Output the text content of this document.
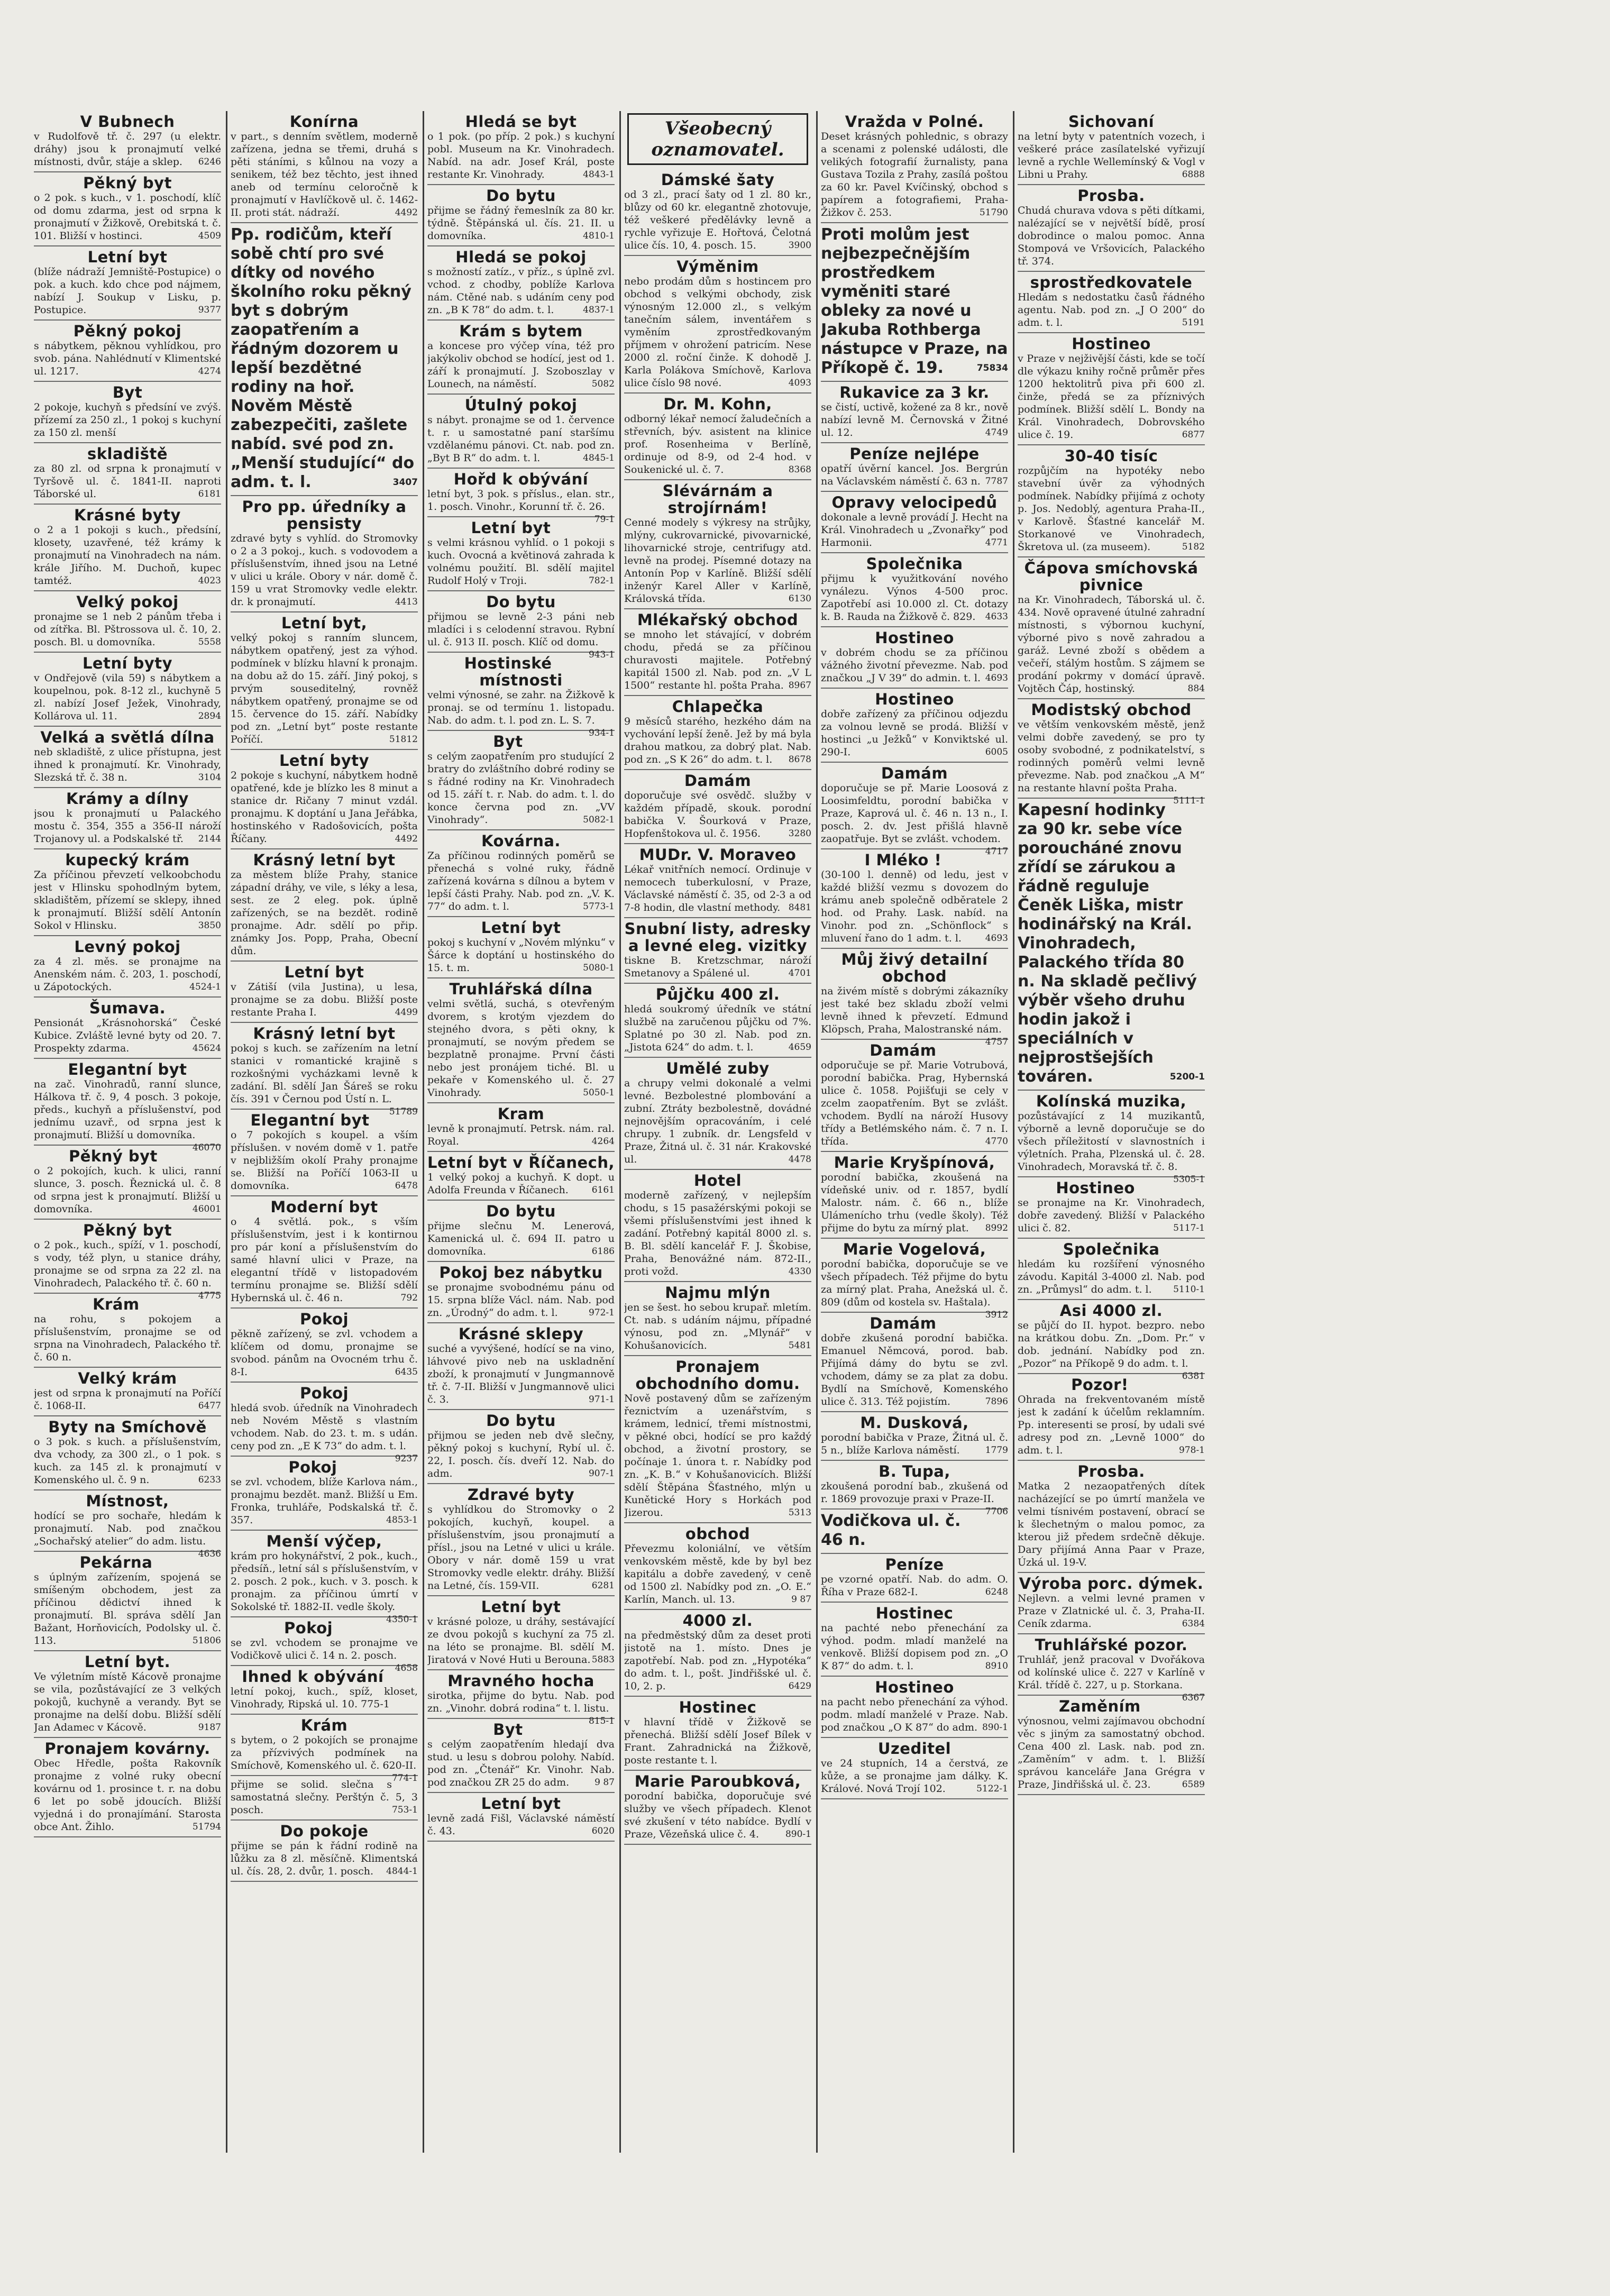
V Bubnech

v Rudolfově tř. č. 297 (u elektr. dráhy) jsou k pronajmutí velké místnosti, dvůr, stáje a sklep. 6246

Pěkný byt

o 2 pok. s kuch., v 1. poschodí, klíč od domu zdarma, jest od srpna k pronajmutí v Žižkově, Orebitská t. č. 101. Bližší v hostinci.	4509

Letní byt

(blíže nádraží Jemniště-Postupice) o pok. a kuch. kdo chce pod nájmem, nabízí J. Soukup v Lisku, p. Postupice.	9377

Pěkný pokoj

s nábytkem, pěknou vyhlídkou, pro svob. pána. Nahlédnutí v Klimentské ul. 1217.	4274

Byt

2 pokoje, kuchyň s předsíní ve zvýš. přízemí za 250 zl., 1 pokoj s kuchyní za 150 zl. menší

skladiště

za 80 zl. od srpna k pronajmutí v Tyršově ul. č. 1841-II. naproti Táborské ul.	6181

Krásné byty

o 2 a 1 pokoji s kuch., předsíní, klosety, uzavřené, též krámy k pronajmutí na Vinohradech na nám. krále Jiřího. M. Duchoň, kupec tamtéž.	4023

Velký pokoj

pronajme se 1 neb 2 pánům třeba i od zítřka. Bl. Pštrossova ul. č. 10, 2. posch. Bl. u domovníka.	5558

Letní byty

v Ondřejově (vila 59) s nábytkem a koupelnou, pok. 8-12 zl., kuchyně 5 zl. nabízí Josef Ježek, Vinohrady, Kollárova ul. 11.	2894

Velká a světlá dílna

neb skladiště, z ulice přístupna, jest ihned k pronajmutí. Kr. Vinohrady, Slezská tř. č. 38 n.	3104

Krámy a dílny

jsou k pronajmutí u Palackého mostu č. 354, 355 a 356-II nároží Trojanovy ul. a Podskalské tř. 2144

kupecký krám

Za příčinou převzetí velkoobchodu jest v Hlinsku spohodlným bytem, skladištěm, přízemí se sklepy, ihned k pronajmutí. Bližší sdělí Antonín Sokol v Hlinsku.	3850

Levný pokoj

za 4 zl. měs. se pronajme na Anenském nám. č. 203, 1. poschodí, u Zápotockých.	4524-1

Šumava.

Pensionát „Krásnohorská“ České Kubice. Zvláště levné byty od 20. 7. Prospekty zdarma.	45624

Elegantní byt

na zač. Vinohradů, ranní slunce, Hálkova tř. č. 9, 4 posch. 3 pokoje, předs., kuchyň a příslušenství, pod jednímu uzavř., od srpna jest k pronajmutí. Bližší u domovníka.
46070

Pěkný byt

o 2 pokojích, kuch. k ulici, ranní slunce, 3. posch. Řeznická ul. č. 8 od srpna jest k pronajmutí. Bližší u domovníka.	46001

Pěkný byt

o 2 pok., kuch., spíží, v 1. poschodí, s vody, též plyn, u stanice dráhy, pronajme se od srpna za 22 zl. na Vinohradech, Palackého tř. č. 60 n.
4775

Krám

na rohu, s pokojem a příslušenstvím, pronajme se od srpna na Vinohradech, Palackého tř. č. 60 n.

Velký krám

jest od srpna k pronajmutí na Poříčí č. 1068-II.	6477

Byty na Smíchově

o 3 pok. s kuch. a příslušenstvím, dva vchody, za 300 zl., o 1 pok. s kuch. za 145 zl. k pronajmutí v Komenského ul. č. 9 n.	6233

Místnost,

hodící se pro sochaře, hledám k pronajmutí. Nab. pod značkou „Sochařský atelier“ do adm. listu.
4636

Pekárna

s úplným zařízením, spojená se smíšeným obchodem, jest za příčinou dědictví ihned k pronajmutí. Bl. správa sdělí Jan Bažant, Horňovicích, Podolsky ul. č. 113.	51806

Letní byt.

Ve výletním místě Kácově pronajme se vila, pozůstávající ze 3 velkých pokojů, kuchyně a verandy. Byt se pronajme na delší dobu. Bližší sdělí Jan Adamec v Kácově.	9187

Pronajem kovárny.

Obec Hředle, pošta Rakovník pronajme z volné ruky obecní kovárnu od 1. prosince t. r. na dobu 6 let po sobě jdoucích. Bližší vyjedná i do pronajímání. Starosta obce Ant. Žihlo.	51794

Konírna

v part., s denním světlem, moderně zařízena, jedna se třemi, druhá s pěti stáními, s kůlnou na vozy a senikem, též bez těchto, jest ihned aneb od termínu celoročně k pronajmutí v Havlíčkově ul. č. 1462-II. proti stát. nádraží.	4492

Pp. rodičům, kteří sobě chtí pro své dítky od nového školního roku pěkný byt s dobrým zaopatřením a řádným dozorem u lepší bezdětné rodiny na hoř. Nověm Městě zabezpečiti, zašlete nabíd. své pod zn. „Menší studující“ do adm. t. l.	3407

Pro pp. úředníky a pensisty

zdravé byty s vyhlíd. do Stromovky o 2 a 3 pokoj., kuch. s vodovodem a příslušenstvím, ihned jsou na Letné v ulici u krále. Obory v nár. domě č. 159 u vrat Stromovky vedle elektr. dr. k pronajmutí.	4413

Letní byt,

velký pokoj s ranním sluncem, nábytkem opatřený, jest za výhod. podmínek v blízku hlavní k pronajm. na dobu až do 15. září. Jiný pokoj, s prvým souseditelný, rovněž nábytkem opatřený, pronajme se od 15. července do 15. září. Nabídky pod zn. „Letní byt“ poste restante Poříčí.	51812

Letní byty

2 pokoje s kuchyní, nábytkem hodně opatřené, kde je blízko les 8 minut a stanice dr. Ričany 7 minut vzdál. pronajmu. K doptání u Jana Jeřábka, hostinského v Radošovicích, pošta Říčany.	4492

Krásný letní byt

za městem blíže Prahy, stanice západní dráhy, ve vile, s léky a lesa, sest. ze 2 eleg. pok. úplně zařízených, se na bezdět. rodině pronajme. Adr. sdělí po přip. známky Jos. Popp, Praha, Obecní dům.

Letní byt

v Zátiší (vila Justina), u lesa, pronajme se za dobu. Bližší poste restante Praha I.	4499

Krásný letní byt

pokoj s kuch. se zařízením na letní stanici v romantické krajině s rozkošnými vycházkami levně k zadání. Bl. sdělí Jan Šáreš se roku čís. 391 v Černou pod Ústí n. L.
51789

Elegantní byt

o 7 pokojích s koupel. a vším příslušen. v novém domě v 1. patře v nejbližším okolí Prahy pronajme se. Bližší na Poříčí 1063-II u domovníka.	6478

Moderní byt

o 4 světlá. pok., s vším příslušenstvím, jest i k kontirnou pro pár koní a příslušenstvím do samé hlavní ulici v Praze, na elegantní třídě v listopadovém termínu pronajme se. Bližší sdělí Hybernská ul. č. 46 n.	792

Pokoj

pěkně zařízený, se zvl. vchodem a klíčem od domu, pronajme se svobod. pánům na Ovocném trhu č. 8-I.	6435

Pokoj

hledá svob. úředník na Vinohradech neb Novém Městě s vlastním vchodem. Nab. do 23. t. m. s udán. ceny pod zn. „E K 73“ do adm. t. l.
9237

Pokoj

se zvl. vchodem, blíže Karlova nám., pronajmu bezdět. manž. Bližší u Em. Fronka, truhláře, Podskalská tř. č. 357.	4853-1

Menší výčep,

krám pro hokynářství, 2 pok., kuch., předsíň., letní sál s příslušenstvím, v 2. posch. 2 pok., kuch. v 3. posch. k pronajm. za příčinou úmrtí v Sokolské tř. 1882-II. vedle školy.
4350-1

Pokoj

se zvl. vchodem se pronajme ve Vodičkově ulici č. 14 n. 2. posch.
4658

Ihned k obývání

letní pokoj, kuch., spíž, kloset, Vinohrady, Ripská ul. 10. 775-1

Krám

s bytem, o 2 pokojích se pronajme za přízvivých podmínek na Smíchově, Komenského ul. č. 620-II.
774-1

přijme se solid. slečna s samostatná slečny. Perštýn č. 5, 3 posch.	753-1

Do pokoje

přijme se pán k řádní rodině na lůžku za 8 zl. měsíčně. Klimentská ul. čís. 28, 2. dvůr, 1. posch. 4844-1

Hledá se byt

o 1 pok. (po příp. 2 pok.) s kuchyní pobl. Museum na Kr. Vinohradech. Nabíd. na adr. Josef Král, poste restante Kr. Vinohrady.	4843-1

Do bytu

přijme se řádný řemeslník za 80 kr. týdně. Štěpánská ul. čís. 21. II. u domovníka.	4810-1

Hledá se pokoj

s možností zatíz., v příz., s úplně zvl. vchod. z chodby, poblíže Karlova nám. Ctěné nab. s udáním ceny pod zn. „B K 78“ do adm. t. l.	4837-1

Krám s bytem

a koncese pro výčep vína, též pro jakýkoliv obchod se hodící, jest od 1. září k pronajmutí. J. Szoboszlay v Lounech, na náměstí.	5082

Útulný pokoj

s nábyt. pronajme se od 1. července t. r. u samostatné paní staršímu vzdělanému pánovi. Ct. nab. pod zn. „Byt B R“ do adm. t. l.	4845-1

Hořd k obývání

letní byt, 3 pok. s příslus., elan. str., 1. posch. Vinohr., Korunní tř. č. 26.
79-1

Letní byt

s velmi krásnou vyhlíd. o 1 pokoji s kuch. Ovocná a květinová zahrada k volnému použití. Bl. sdělí majitel Rudolf Holý v Troji.	782-1

Do bytu

přijmou se levně 2-3 páni neb mladíci i s celodenní stravou. Rybní ul. č. 913 II. posch. Klíč od domu.
943-1

Hostinské místnosti

velmi výnosné, se zahr. na Žižkově k pronaj. se od termínu 1. listopadu. Nab. do adm. t. l. pod zn. L. S. 7.
934-1

Byt

s celým zaopatřením pro studující 2 bratry do zvláštního dobré rodiny se s řádné rodiny na Kr. Vinohradech od 15. září t. r. Nab. do adm. t. l. do konce června pod zn. „VV Vinohrady“.	5082-1

Kovárna.

Za příčinou rodinných poměrů se přenechá s volné ruky, řádně zařízená kovárna s dílnou a bytem v lepší části Prahy. Nab. pod zn. „V. K. 77“ do adm. t. l.	5773-1

Letní byt

pokoj s kuchyní v „Novém mlýnku“ v Šárce k doptání u hostinského do 15. t. m.	5080-1

Truhlářská dílna

velmi světlá, suchá, s otevřeným dvorem, s krotým vjezdem do stejného dvora, s pěti okny, k pronajmutí, se novým předem se bezplatně pronajme. První části nebo jest pronájem tiché. Bl. u pekaře v Komenského ul. č. 27 Vinohrady.	5050-1

Kram

levně k pronajmutí. Petrsk. nám. ral. Royal.	4264

Letní byt v Říčanech,

1 velký pokoj a kuchyň. K dopt. u Adolfa Freunda v Říčanech.	6161

Do bytu

přijme slečnu M. Lenerová, Kamenická ul. č. 694 II. patro u domovníka.	6186

Pokoj bez nábytku

se pronajme svobodnému pánu od 15. srpna blíže Václ. nám. Nab. pod zn. „Úrodný“ do adm. t. l.	972-1

Krásné sklepy

suché a vyvýšené, hodící se na vino, láhvové pivo neb na uskladnění zboží, k pronajmutí v Jungmannově tř. č. 7-II. Bližší v Jungmannově ulici č. 3.	971-1

Do bytu

přijmou se jeden neb dvě slečny, pěkný pokoj s kuchyní, Rybí ul. č. 22, I. posch. čís. dveří 12. Nab. do adm.	907-1

Zdravé byty

s vyhlídkou do Stromovky o 2 pokojích, kuchyň, koupel. a příslušenstvím, jsou pronajmutí a přísl., jsou na Letné v ulici u krále. Obory v nár. domě 159 u vrat Stromovky vedle elektr. dráhy. Bližší na Letné, čís. 159-VII.	6281

Letní byt

v krásné poloze, u dráhy, sestávající ze dvou pokojů s kuchyní za 75 zl. na léto se pronajme. Bl. sdělí M. Jiratová v Nové Huti u Berouna. 5883

Mravného hocha

sirotka, přijme do bytu. Nab. pod zn. „Vinohr. dobrá rodina“ t. l. listu.
815-1

Byt

s celým zaopatřením hledají dva stud. u lesu s dobrou polohy. Nabíd. pod zn. „Čtenář“ Kr. Vinohr. Nab. pod značkou ZR 25 do adm.	9 87

Letní byt

levně zadá Fišl, Václavské náměstí č. 43.	6020

Všeobecný oznamovatel.
Dámské šaty

od 3 zl., prací šaty od 1 zl. 80 kr., blůzy od 60 kr. elegantně zhotovuje, též veškeré předělávky levně a rychle vyřizuje E. Hořtová, Čelotná ulice čís. 10, 4. posch. 15.	3900

Výměnim

nebo prodám dům s hostincem pro obchod s velkými obchody, zisk výnosným 12.000 zl., s velkým tanečním sálem, inventářem s vyměním zprostředkovaným příjmem v ohrožení patricím. Nese 2000 zl. roční činže. K dohodě J. Karla Polákova Smíchově, Karlova ulice číslo 98 nové.	4093

Dr. M. Kohn,

odborný lékař nemocí žaludečních a střevních, býv. asistent na klinice prof. Rosenheima v Berlíně, ordinuje od 8-9, od 2-4 hod. v Soukenické ul. č. 7.	8368

Slévárnám a strojírnám!

Cenné modely s výkresy na strůjky, mlýny, cukrovarnické, pivovarnické, lihovarnické stroje, centrifugy atd. levně na prodej. Písemné dotazy na Antonín Pop v Karlíně. Bližší sdělí inženýr Karel Aller v Karlíně, Královská třída.	6130

Mlékařský obchod

se mnoho let stávající, v dobrém chodu, předá se za příčinou churavosti majitele. Potřebný kapitál 1500 zl. Nab. pod zn. „V L 1500“ restante hl. pošta Praha. 8967

Chlapečka

9 měsíců starého, hezkého dám na vychování lepší ženě. Jež by má byla drahou matkou, za dobrý plat. Nab. pod zn. „S K 26“ do adm. t. l. 8678

Damám

doporučuje své osvědč. služby v každém případě, skouk. porodní babička V. Šourková v Praze, Hopfenštokova ul. č. 1956.	3280

MUDr. V. Moraveo

Lékař vnitřních nemocí. Ordinuje v nemocech tuberkulosní, v Praze, Václavské náměstí č. 35, od 2-3 a od 7-8 hodin, dle vlastní methody. 8481

Snubní listy, adresky a levné eleg. vizitky

tiskne B. Kretzschmar, nároží Smetanovy a Spálené ul.	4701

Půjčku 400 zl.

hledá soukromý úředník ve státní službě na zaručenou půjčku od 7%. Splatné po 30 zl. Nab. pod zn. „Jistota 624“ do adm. t. l.	4659

Umělé zuby

a chrupy velmi dokonalé a velmi levné. Bezbolestné plombování a zubní. Ztráty bezbolestně, dovádné nejnovějším opracováním, i celé chrupy. 1 zubník. dr. Lengsfeld v Praze, Žitná ul. č. 31 nár. Krakovské ul.	4478

Hotel

moderně zařízený, v nejlepším chodu, s 15 pasažérskými pokoji se všemi příslušenstvími jest ihned k zadání. Potřebný kapitál 8000 zl. s. B. Bl. sdělí kancelář F. J. Škobise, Praha, Benovážné nám. 872-II., proti vožd.	4330

Najmu mlýn

jen se šest. ho sebou krupař. mletím. Ct. nab. s udáním nájmu, případné výnosu, pod zn. „Mlynář“ v Kohušanovicích.	5481

Pronajem obchodního domu.

Nově postavený dům se zařízeným řeznictvím a uzenářstvím, s krámem, lednicí, třemi místnostmi, v pěkné obci, hodící se pro každý obchod, a životní prostory, se počínaje 1. února t. r. Nabídky pod zn. „K. B.“ v Kohušanovicích. Bližší sdělí Štěpána Šťastného, mlýn u Kunětické Hory s Horkách pod Jizerou.	5313

obchod

Převezmu koloniální, ve větším venkovském městě, kde by byl bez kapitálu a dobře zavedený, v ceně od 1500 zl. Nabídky pod zn. „O. E.“ Karlín, Manch. ul. 13.	9 87

4000 zl.

na předměstský dům za deset proti jistotě na 1. místo. Dnes je zapotřebí. Nab. pod zn. „Hypotéka“ do adm. t. l., pošt. Jindřišské ul. č. 10, 2. p.	6429

Hostinec

v hlavní třídě v Žižkově se přenechá. Bližší sdělí Josef Bílek v Frant. Zahradnická na Žižkově, poste restante t. l.

Marie Paroubková,

porodní babička, doporučuje své služby ve všech případech. Klenot své zkušení v této nabídce. Bydlí v Praze, Vězeňská ulice č. 4.	890-1

Vražda v Polné.

Deset krásných pohlednic, s obrazy a scenami z polenské události, dle velikých fotografií žurnalisty, pana Gustava Tozila z Prahy, zasílá poštou za 60 kr. Pavel Kvíčinský, obchod s papírem a fotografiemi, Praha-Žižkov č. 253.	51790

Proti molům jest nejbezpečnějším prostředkem vyměniti staré obleky za nové u Jakuba Rothberga nástupce v Praze, na Příkopě č. 19.	75834

Rukavice za 3 kr.

se čistí, uctivě, kožené za 8 kr., nově nabízí levně M. Černovská v Žitné ul. 12.	4749

Peníze nejlépe

opatří úvěrní kancel. Jos. Bergrún na Václavském náměstí č. 63 n. 7787

Opravy velocipedů

dokonale a levně provádí J. Hecht na Král. Vinohradech u „Zvonařky“ pod Harmonii.	4771

Společnika

přijmu k využitkování nového vynálezu. Výnos 4-500 proc. Zapotřebí asi 10.000 zl. Ct. dotazy k. B. Rauda na Žižkově č. 829. 4633

Hostineo

v dobrém chodu se za příčinou vážného životní převezme. Nab. pod značkou „J V 39“ do admin. t. l. 4693

Hostineo

dobře zařízený za příčinou odjezdu za volnou levně se prodá. Bližší v hostinci „u Ježků“ v Konviktské ul. 290-I.	6005

Damám

doporučuje se př. Marie Loosová z Loosimfeldtu, porodní babička v Praze, Kaprová ul. č. 46 n. 13 n., I. posch. 2. dv. Jest přišlá hlavně zaopatřuje. Byt se zvlášt. vchodem.
4717

I Mléko !

(30-100 l. denně) od ledu, jest v každé bližší vezmu s dovozem do krámu aneb společně odběratele 2 hod. od Prahy. Lask. nabíd. na Vinohr. pod zn. „Schönflock“ s mluvení řano do 1 adm. t. l.	4693

Můj živý detailní obchod

na živém místě s dobrými zákazníky jest také bez skladu zboží velmi levně ihned k převzetí. Edmund Klöpsch, Praha, Malostranské nám.
4757

Damám

odporučuje se př. Marie Votrubová, porodní babička. Prag, Hybernská ulice č. 1058. Pojišťuji se cely v zcelm zaopatřením. Byt se zvlášt. vchodem. Bydlí na nároží Husovy třídy a Betlémského nám. č. 7 n. I. třída.	4770

Marie Kryšpínová,

porodní babička, zkoušená na vídeňské univ. od r. 1857, bydlí Malostr. nám. č. 66 n., blíže Ulámenícho trhu (vedle školy). Též přijme do bytu za mírný plat. 8992

Marie Vogelová,

porodní babička, doporučuje se ve všech případech. Též přijme do bytu za mírný plat. Praha, Anežská ul. č. 809 (dům od kostela sv. Haštala).
3912

Damám

dobře zkušená porodní babička. Emanuel Němcová, porod. bab. Přijímá dámy do bytu se zvl. vchodem, dámy se za plat za dobu. Bydlí na Smíchově, Komenského ulice č. 313. Též pojistím.	7896

M. Dusková,

porodní babička v Praze, Žitná ul. č. 5 n., blíže Karlova náměstí.	1779

B. Tupa,

zkoušená porodní bab., zkušená od r. 1869 provozuje praxi v Praze-II.
7706

Vodičkova ul. č. 46 n.

Peníze

pe vzorné opatří. Nab. do adm. O. Říha v Praze 682-I.	6248

Hostinec

na pachté nebo přenechání za výhod. podm. mladí manželé na venkově. Bližší dopisem pod zn. „O K 87“ do adm. t. l.	8910

Hostineo

na pacht nebo přenechání za výhod. podm. mladí manželé v Praze. Nab. pod značkou „O K 87“ do adm. 890-1

Uzeditel

ve 24 stupních, 14 a čerstvá, ze kůže, a se pronajme jam dálky. K. Králové. Nová Trojí 102.	5122-1

Sichovaní

na letní byty v patentních vozech, i veškeré práce zasílatelské vyřizují levně a rychle Wellemínský & Vogl v Libni u Prahy.	6888

Prosba.

Chudá churava vdova s pěti dítkami, nalézající se v největší bídě, prosí dobrodince o malou pomoc. Anna Stompová ve Vršovicích, Palackého tř. 374.

sprostředkovatele

Hledám s nedostatku časů řádného agentu. Nab. pod zn. „J O 200“ do adm. t. l.	5191

Hostineo

v Praze v nejživější části, kde se točí dle výkazu knihy ročně průměr přes 1200 hektolitrů piva při 600 zl. činže, předá se za příznivých podmínek. Bližší sdělí L. Bondy na Král. Vinohradech, Dobrovského ulice č. 19.	6877

30-40 tisíc

rozpůjčím na hypotéky nebo stavební úvěr za výhodných podmínek. Nabídky přijímá z ochoty p. Jos. Nedoblý, agentura Praha-II., v Karlově. Šťastné kancelář M. Storkanové ve Vinohradech, Škretova ul. (za museem).	5182

Čápova smíchovská pivnice

na Kr. Vinohradech, Táborská ul. č. 434. Nově opravené útulné zahradní místnosti, s výbornou kuchyní, výborné pivo s nově zahradou a garáž. Levné zboží s obědem a večeří, stálým hostům. S zájmem se prodání pokrmy v domácí úpravě. Vojtěch Čáp, hostinský.	884

Modistský obchod

ve větším venkovském městě, jenž velmi dobře zavedený, se pro ty osoby svobodné, z podnikatelství, s rodinných poměrů velmi levně převezme. Nab. pod značkou „A M“ na restante hlavní pošta Praha.
5111-1

Kapesní hodinky za 90 kr. sebe více poroucháné znovu zřídí se zárukou a řádně reguluje Čeněk Liška, mistr hodinářský na Král. Vinohradech, Palackého třída 80 n. Na skladě pečlivý výběr všeho druhu hodin jakož i speciálních v nejprostšejších továren.	5200-1

Kolínská muzika,

pozůstávající z 14 muzikantů, výborně a levně doporučuje se do všech příležitostí v slavnostních i výletních. Praha, Plzenská ul. č. 28. Vinohradech, Moravská tř. č. 8.
5305-1

Hostineo

se pronajme na Kr. Vinohradech, dobře zavedený. Bližší v Palackého ulici č. 82.	5117-1

Společnika

hledám ku rozšíření výnosného závodu. Kapitál 3-4000 zl. Nab. pod zn. „Průmysl“ do adm. t. l. 5110-1

Asi 4000 zl.

se půjčí do II. hypot. bezpro. nebo na krátkou dobu. Zn. „Dom. Pr.“ v dob. jednání. Nabídky pod zn. „Pozor“ na Příkopě 9 do adm. t. l.
6381

Pozor!

Ohrada na frekventovaném místě jest k zadání k účelům reklamním. Pp. interesenti se prosí, by udali své adresy pod zn. „Levně 1000“ do adm. t. l.	978-1

Prosba.

Matka 2 nezaopatřených dítek nacházející se po úmrtí manžela ve velmi tísnivém postavení, obrací se k šlechetným o malou pomoc, za kterou již předem srdečně děkuje. Dary přijímá Anna Paar v Praze, Úzká ul. 19-V.

Výroba porc. dýmek.

Nejlevn. a velmi levné pramen v Praze v Zlatnické ul. č. 3, Praha-II. Ceník zdarma.	6384

Truhlářské pozor.

Truhlář, jenž pracoval v Dvořákova od kolínské ulice č. 227 v Karlíně v Král. třídě č. 227, u p. Storkana.
6367

Zaměním

výnosnou, velmi zajímavou obchodní věc s jiným za samostatný obchod. Cena 400 zl. Lask. nab. pod zn. „Zaměním“ v adm. t. l. Bližší správou kanceláře Jana Grégra v Praze, Jindřišská ul. č. 23.	6589
